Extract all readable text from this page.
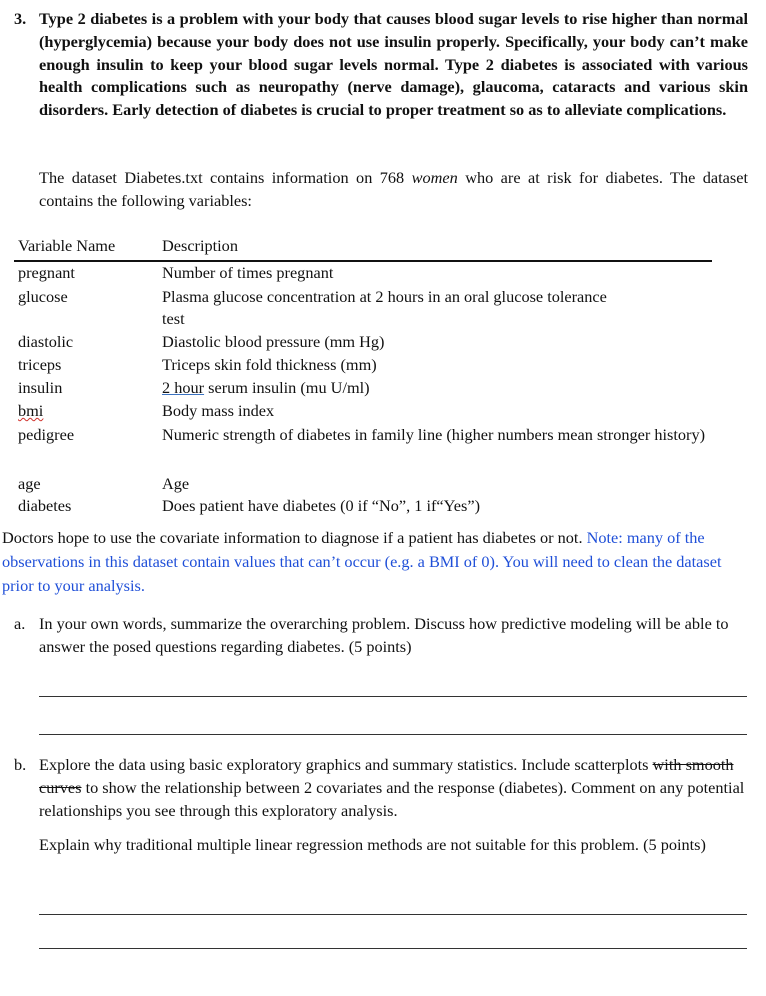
3. Type 2 diabetes is a problem with your body that causes blood sugar levels to rise higher than normal (hyperglycemia) because your body does not use insulin properly. Specifically, your body can’t make enough insulin to keep your blood sugar levels normal. Type 2 diabetes is associated with various health complications such as neuropathy (nerve damage), glaucoma, cataracts and various skin disorders. Early detection of diabetes is crucial to proper treatment so as to alleviate complications.
The dataset Diabetes.txt contains information on 768 women who are at risk for diabetes. The dataset contains the following variables:
Variable Name	Description
pregnant	Number of times pregnant
glucose	Plasma glucose concentration at 2 hours in an oral glucose tolerance test
diastolic	Diastolic blood pressure (mm Hg)
triceps	Triceps skin fold thickness (mm)
insulin	2 hour serum insulin (mu U/ml)
bmi	Body mass index
pedigree	Numeric strength of diabetes in family line (higher numbers mean stronger history)
age	Age
diabetes	Does patient have diabetes (0 if “No”, 1 if“Yes”)
Doctors hope to use the covariate information to diagnose if a patient has diabetes or not. Note: many of the observations in this dataset contain values that can’t occur (e.g. a BMI of 0). You will need to clean the dataset prior to your analysis.
a. In your own words, summarize the overarching problem. Discuss how predictive modeling will be able to answer the posed questions regarding diabetes. (5 points)
b. Explore the data using basic exploratory graphics and summary statistics. Include scatterplots with smooth curves to show the relationship between 2 covariates and the response (diabetes). Comment on any potential relationships you see through this exploratory analysis.
Explain why traditional multiple linear regression methods are not suitable for this problem. (5 points)
